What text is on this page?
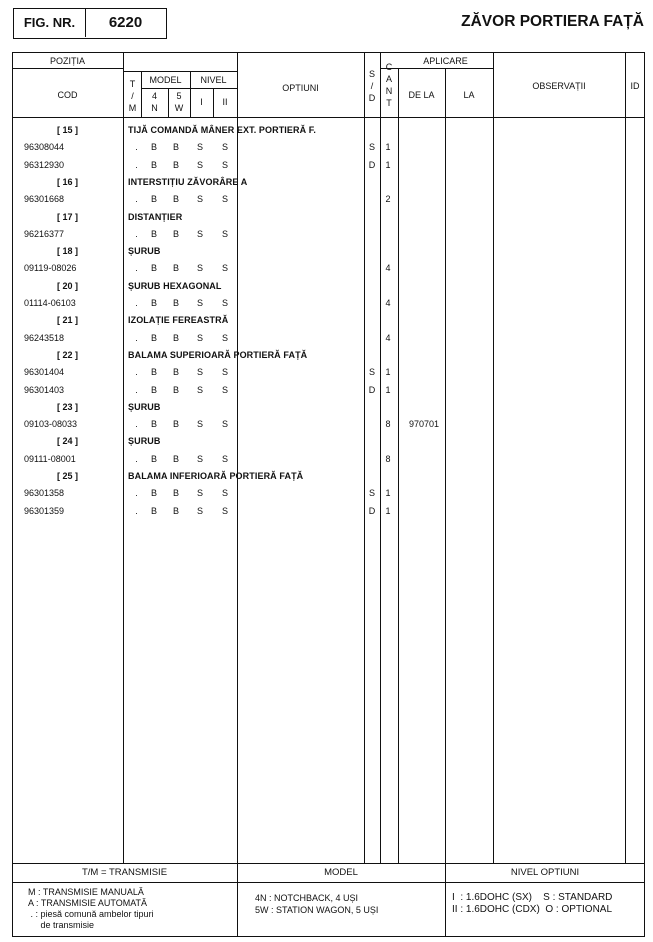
FIG. NR.	6220	ZĂVOR PORTIERA FAȚĂ
POZIȚIA
COD
T
/
M
MODEL
4
N
5
W
NIVEL
I	II
OPTIUNI
S
/
D
C
A
N
T
APLICARE
DE LA	LA
OBSERVAȚII	ID
[ 15 ]	TIJĂ COMANDĂ MÂNER EXT. PORTIERĂ F.
96308044	.	B	B	S	S	S	1
96312930	.	B	B	S	S	D	1
[ 16 ]	INTERSTIȚIU ZĂVORÂRE A
96301668	.	B	B	S	S	2
[ 17 ]	DISTANȚIER
96216377	.	B	B	S	S
[ 18 ]	ȘURUB
09119-08026	.	B	B	S	S	4
[ 20 ]	ȘURUB HEXAGONAL
01114-06103	.	B	B	S	S	4
[ 21 ]	IZOLAȚIE FEREASTRĂ
96243518	.	B	B	S	S	4
[ 22 ]	BALAMA SUPERIOARĂ PORTIERĂ FAȚĂ
96301404	.	B	B	S	S	S	1
96301403	.	B	B	S	S	D	1
[ 23 ]	ȘURUB
09103-08033	.	B	B	S	S	8	970701
[ 24 ]	ȘURUB
09111-08001	.	B	B	S	S	8
[ 25 ]	BALAMA INFERIOARĂ PORTIERĂ FAȚĂ
96301358	.	B	B	S	S	S	1
96301359	.	B	B	S	S	D	1
T/M = TRANSMISIE	MODEL	NIVEL OPTIUNI
M : TRANSMISIE MANUALĂ
A : TRANSMISIE AUTOMATĂ
. : piesă comună ambelor tipuri
de transmisie
4N : NOTCHBACK, 4 UȘI
5W : STATION WAGON, 5 UȘI
I  : 1.6DOHC (SX)    S : STANDARD
II : 1.6DOHC (CDX)  O : OPTIONAL
